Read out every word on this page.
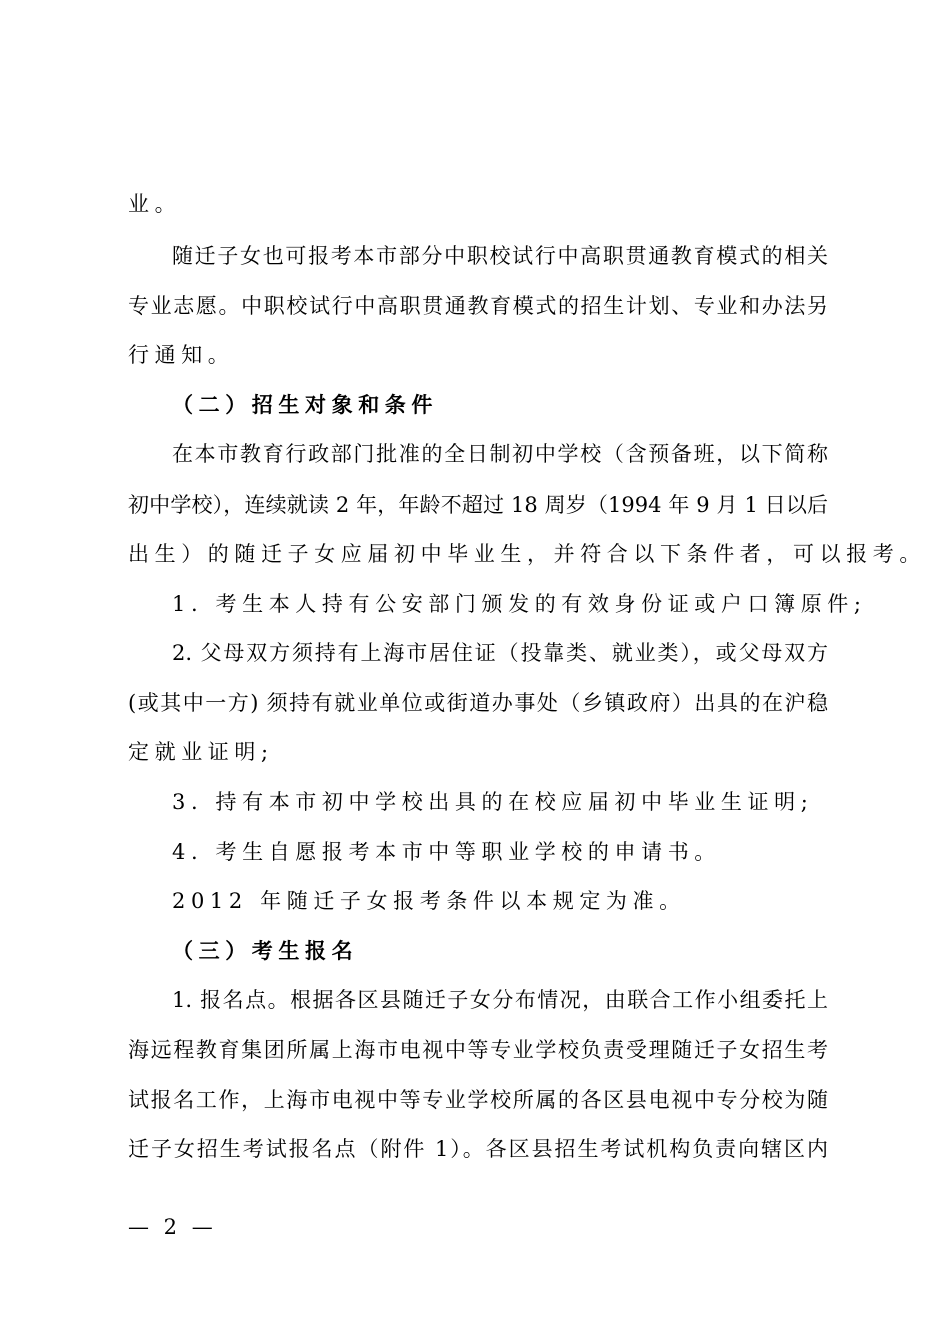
业。
随迁子女也可报考本市部分中职校试行中高职贯通教育模式的相关
专业志愿。中职校试行中高职贯通教育模式的招生计划、专业和办法另
行通知。
（二）招生对象和条件
在本市教育行政部门批准的全日制初中学校（含预备班，以下简称
初中学校），连续就读 2 年，年龄不超过 18 周岁（1994 年 9 月 1 日以后
出生）的随迁子女应届初中毕业生，并符合以下条件者，可以报考。
1. 考生本人持有公安部门颁发的有效身份证或户口簿原件;
2. 父母双方须持有上海市居住证（投靠类、就业类），或父母双方
(或其中一方) 须持有就业单位或街道办事处（乡镇政府）出具的在沪稳
定就业证明;
3. 持有本市初中学校出具的在校应届初中毕业生证明;
4. 考生自愿报考本市中等职业学校的申请书。
2012 年随迁子女报考条件以本规定为准。
（三）考生报名
1. 报名点。根据各区县随迁子女分布情况，由联合工作小组委托上
海远程教育集团所属上海市电视中等专业学校负责受理随迁子女招生考
试报名工作，上海市电视中等专业学校所属的各区县电视中专分校为随
迁子女招生考试报名点（附件 1）。各区县招生考试机构负责向辖区内
— 2 —
